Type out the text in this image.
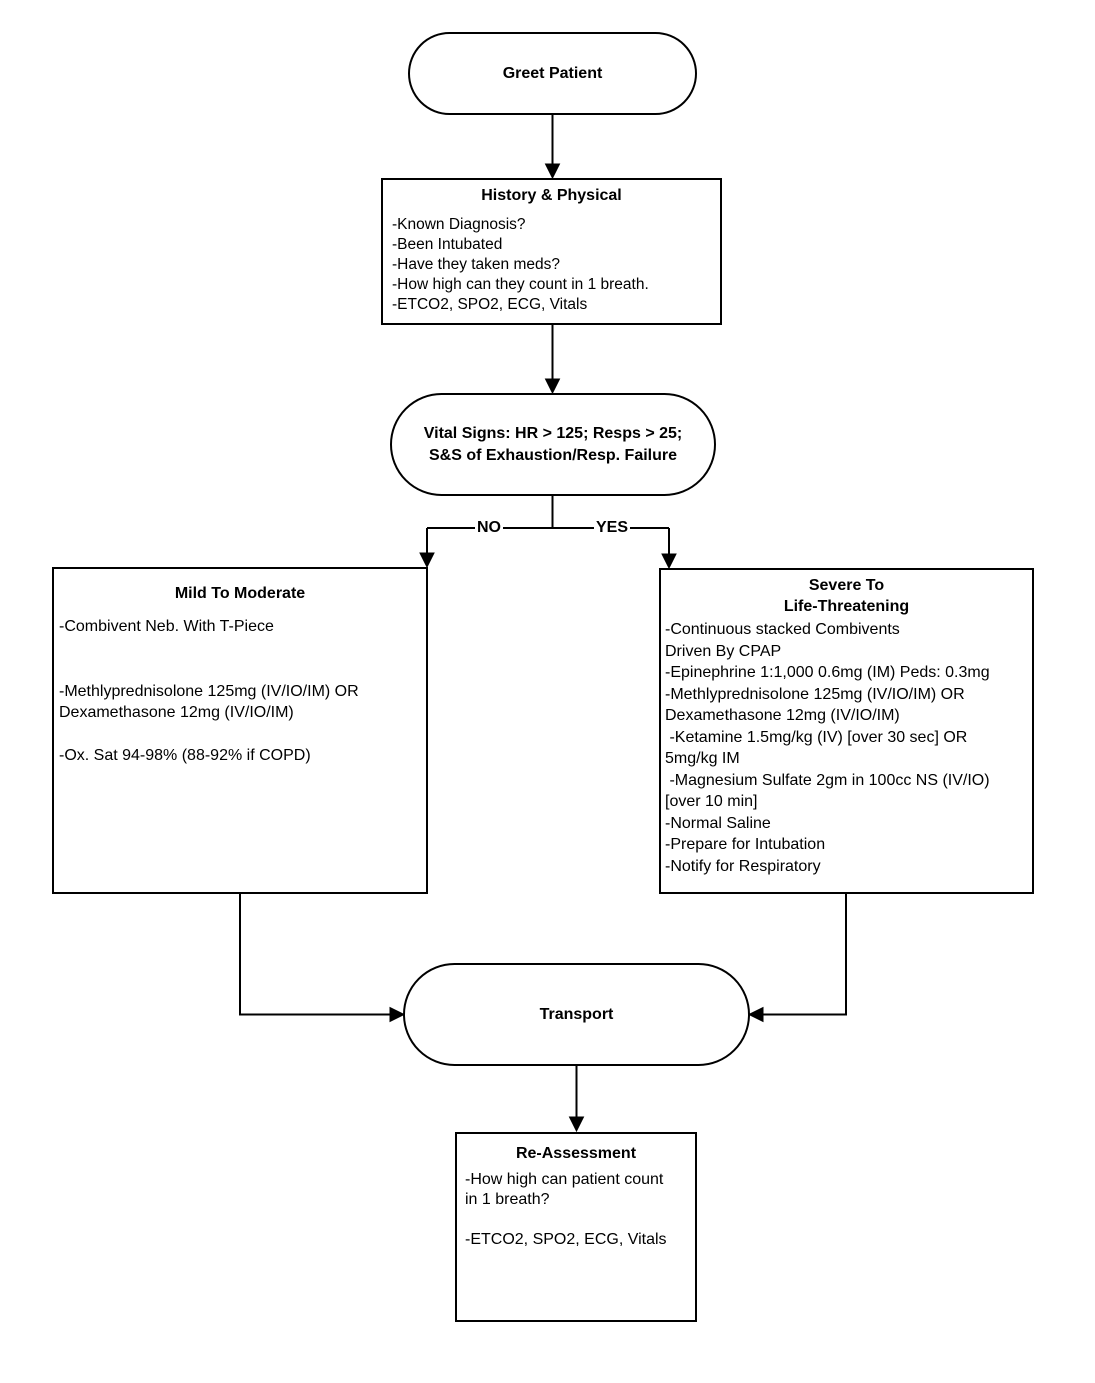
Greet Patient
History & Physical
-Known Diagnosis?
-Been Intubated
-Have they taken meds?
-How high can they count in 1 breath.
-ETCO2, SPO2, ECG, Vitals
Vital Signs: HR > 125; Resps > 25;
S&S of Exhaustion/Resp. Failure
NO	YES
Mild To Moderate
-Combivent Neb. With T-Piece
-Methlyprednisolone 125mg (IV/IO/IM) OR
Dexamethasone 12mg (IV/IO/IM)
-Ox. Sat 94-98% (88-92% if COPD)
Severe To
Life-Threatening
-Continuous stacked Combivents
Driven By CPAP
-Epinephrine 1:1,000 0.6mg (IM) Peds: 0.3mg
-Methlyprednisolone 125mg (IV/IO/IM) OR
Dexamethasone 12mg (IV/IO/IM)
-Ketamine 1.5mg/kg (IV) [over 30 sec] OR
5mg/kg IM
-Magnesium Sulfate 2gm in 100cc NS (IV/IO)
[over 10 min]
-Normal Saline
-Prepare for Intubation
-Notify for Respiratory
Transport
Re-Assessment
-How high can patient count
in 1 breath?
-ETCO2, SPO2, ECG, Vitals
